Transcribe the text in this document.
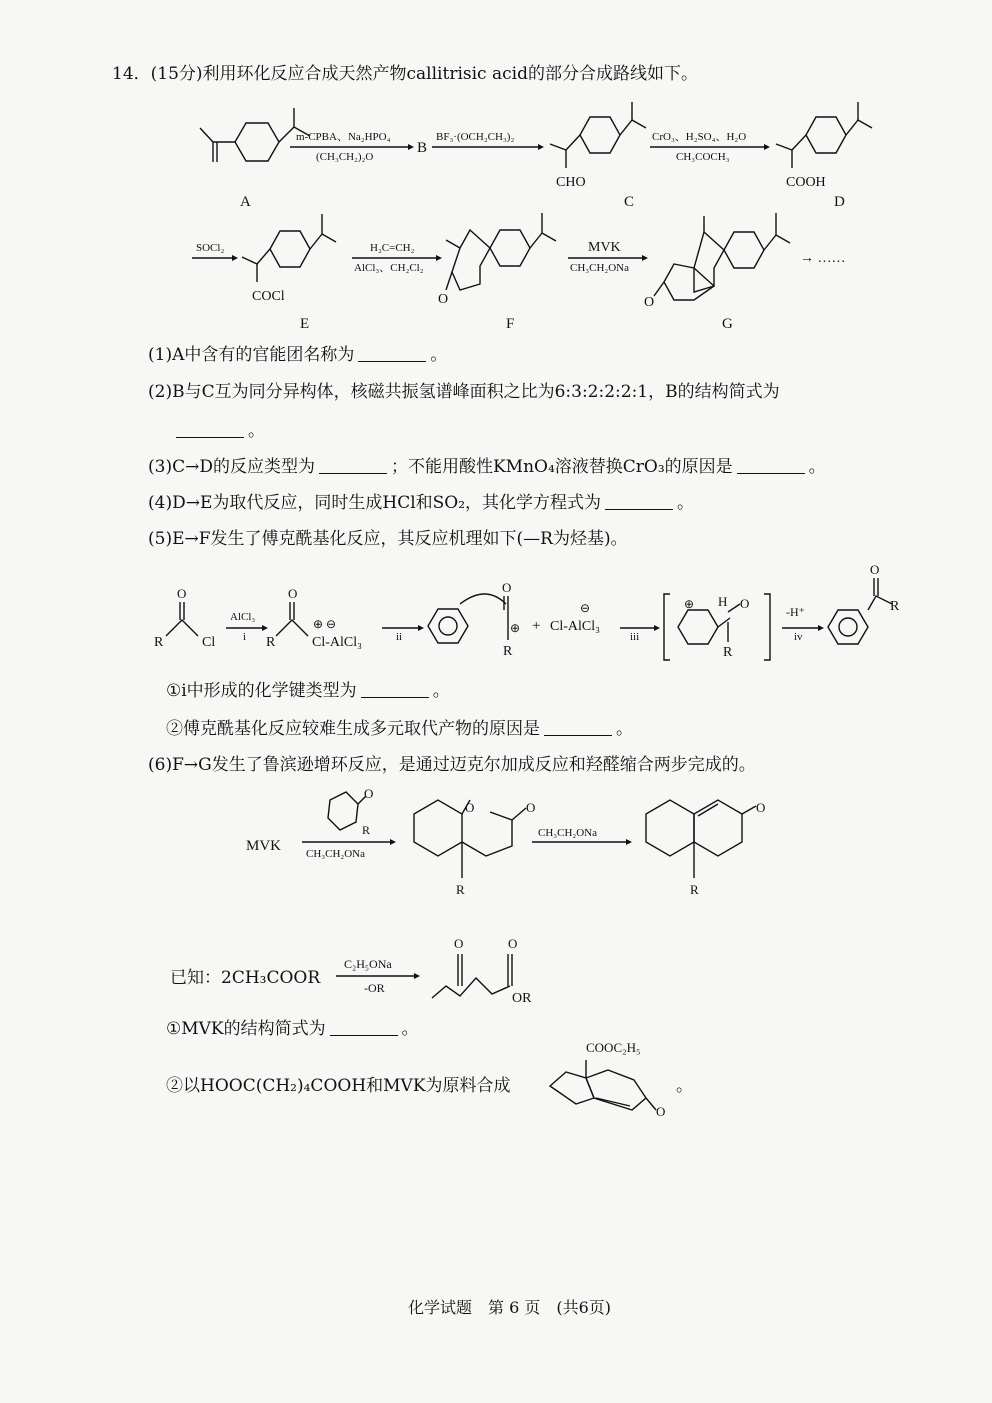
14．(15分)利用环化反应合成天然产物callitrisic acid的部分合成路线如下。
(1)A中含有的官能团名称为	。
(2)B与C互为同分异构体，核磁共振氢谱峰面积之比为6:3:2:2:2:1，B的结构简式为
。
(3)C→D的反应类型为	；不能用酸性KMnO₄溶液替换CrO₃的原因是	。
(4)D→E为取代反应，同时生成HCl和SO₂，其化学方程式为	。
(5)E→F发生了傅克酰基化反应，其反应机理如下(—R为烃基)。
①i中形成的化学键类型为	。
②傅克酰基化反应较难生成多元取代产物的原因是	。
(6)F→G发生了鲁滨逊增环反应，是通过迈克尔加成反应和羟醛缩合两步完成的。
已知：2CH₃COOR
①MVK的结构简式为	。
②以HOOC(CH₂)₄COOH和MVK为原料合成	。
化学试题　第 6 页　(共6页)
A
m-CPBA、Na₂HPO₄
(CH₃CH₂)₂O
B
BF₃·(OCH₂CH₃)₂
CHO
C
CrO₃、H₂SO₄、H₂O
CH₃COCH₃
COOH
D
SOCl₂
COCl
E
H₂C=CH₂
AlCl₃、CH₂Cl₂
O
F
MVK
CH₃CH₂ONa
O
G
→ ……
O
R	Cl
AlCl₃
i
O
R	Cl-AlCl₃
⊕ ⊖
ii
O
⊕
R
+ Cl-AlCl₃
⊖
iii
⊕ H O
R
-H⁺
iv
O
R
MVK
O
R
CH₃CH₂ONa
O	O
R
CH₃CH₂ONa
O
R
C₂H₅ONa
-OR
O	O
OR
COOC₂H₅
O
